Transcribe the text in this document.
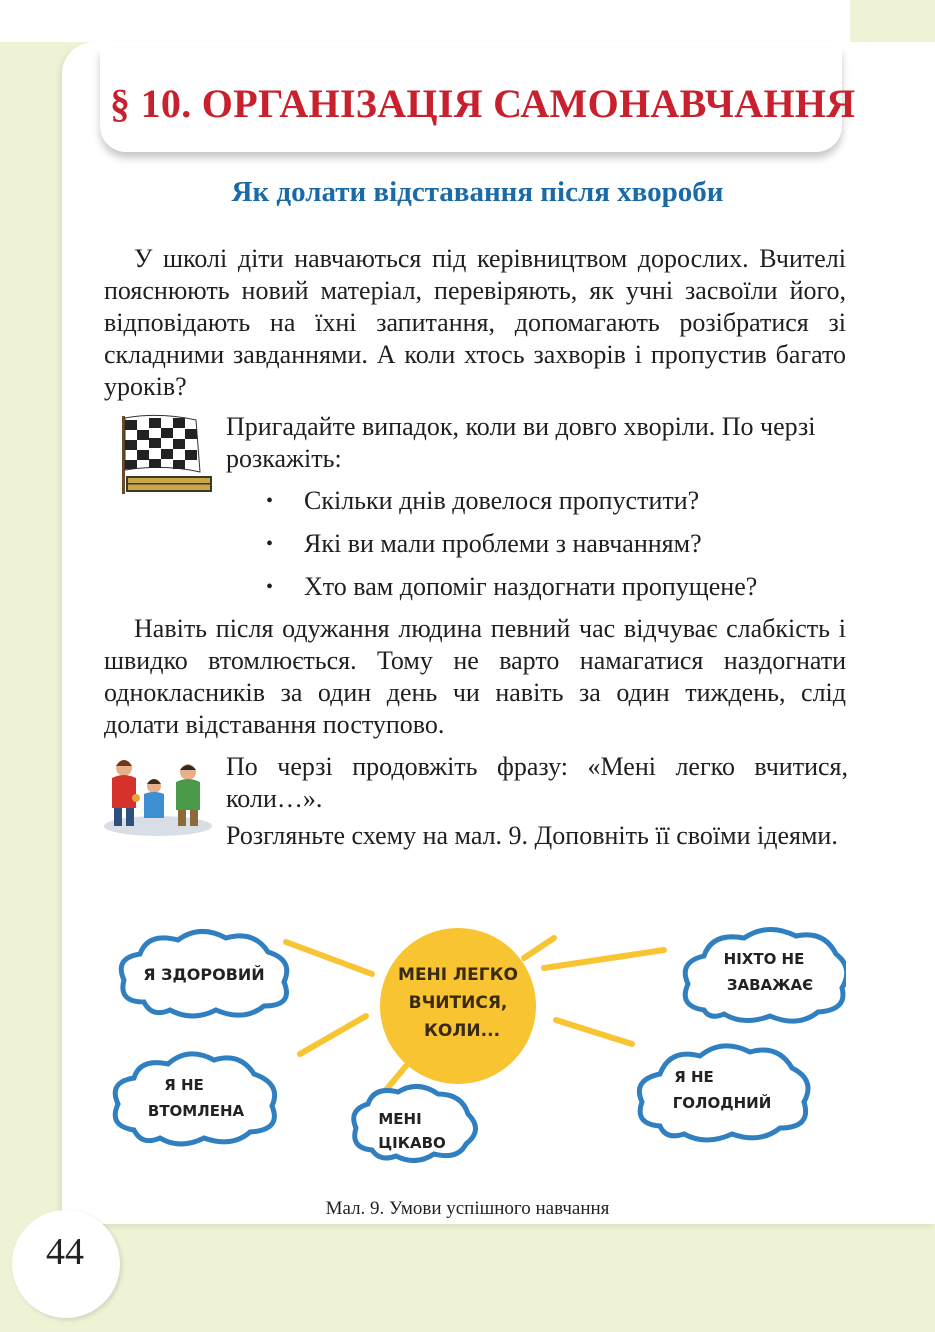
§ 10. ОРГАНІЗАЦІЯ САМОНАВЧАННЯ
Як долати відставання після хвороби

У школі діти навчаються під керівництвом дорослих. Вчителі пояснюють новий матеріал, перевіряють, як учні засвоїли його, відповідають на їхні запитання, допомагають розібратися зі складними завданнями. А коли хтось захворів і пропустив багато уроків?

Пригадайте випадок, коли ви довго хворіли. По черзі розкажіть:
• Скільки днів довелося пропустити?
• Які ви мали проблеми з навчанням?
• Хто вам допоміг наздогнати пропущене?

Навіть після одужання людина певний час відчуває слабкість і швидко втомлюється. Тому не варто намагатися наздогнати однокласників за один день чи навіть за один тиждень, слід долати відставання поступово.

По черзі продовжіть фразу: «Мені легко вчитися, коли…».
Розгляньте схему на мал. 9. Доповніть її своїми ідеями.
МЕНІ ЛЕГКО
ВЧИТИСЯ,
КОЛИ...
Я ЗДОРОВИЙ
Я НЕ
ВТОМЛЕНА	МЕНІ
ЦІКАВО
НІХТО НЕ
ЗАВАЖАЄ
Я НЕ
ГОЛОДНИЙ
Мал. 9. Умови успішного навчання
44
